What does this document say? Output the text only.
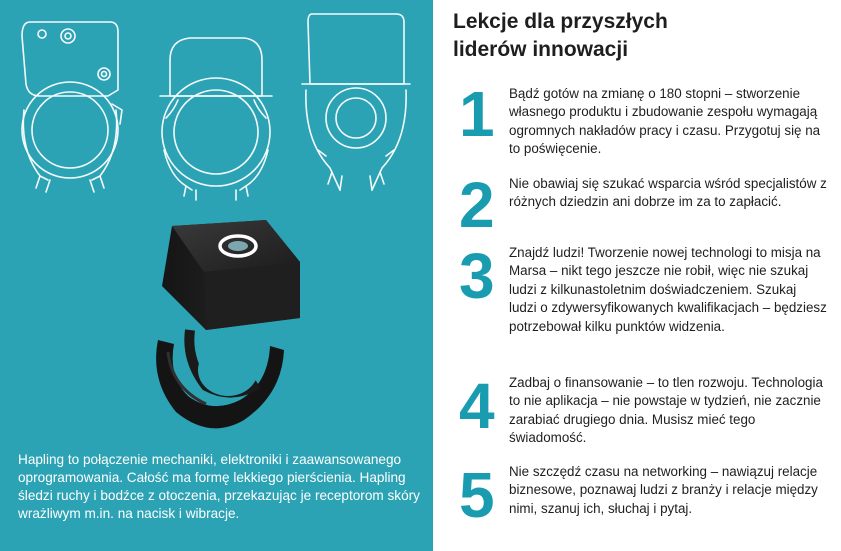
Hapling to połączenie mechaniki, elektroniki i zaawansowanego oprogramowania. Całość ma formę lekkiego pierścienia. Hapling śledzi ruchy i bodźce z otoczenia, przekazując je receptorom skóry wrażliwym m.in. na nacisk i wibracje.
Lekcje dla przyszłych
liderów innowacji
1 Bądź gotów na zmianę o 180 stopni – stworzenie własnego produktu i zbudowanie zespołu wymagają ogromnych nakładów pracy i czasu. Przygotuj się na to poświęcenie.
2 Nie obawiaj się szukać wsparcia wśród specjalistów z różnych dziedzin ani dobrze im za to zapłacić.
3 Znajdź ludzi! Tworzenie nowej technologi to misja na Marsa – nikt tego jeszcze nie robił, więc nie szukaj ludzi z kilkunastoletnim doświadczeniem. Szukaj ludzi o zdywersyfikowanych kwalifikacjach – będziesz potrzebował kilku punktów widzenia.
4 Zadbaj o finansowanie – to tlen rozwoju. Technologia to nie aplikacja – nie powstaje w tydzień, nie zacznie zarabiać drugiego dnia. Musisz mieć tego świadomość.
5 Nie szczędź czasu na networking – nawiązuj relacje biznesowe, poznawaj ludzi z branży i relacje między nimi, szanuj ich, słuchaj i pytaj.
